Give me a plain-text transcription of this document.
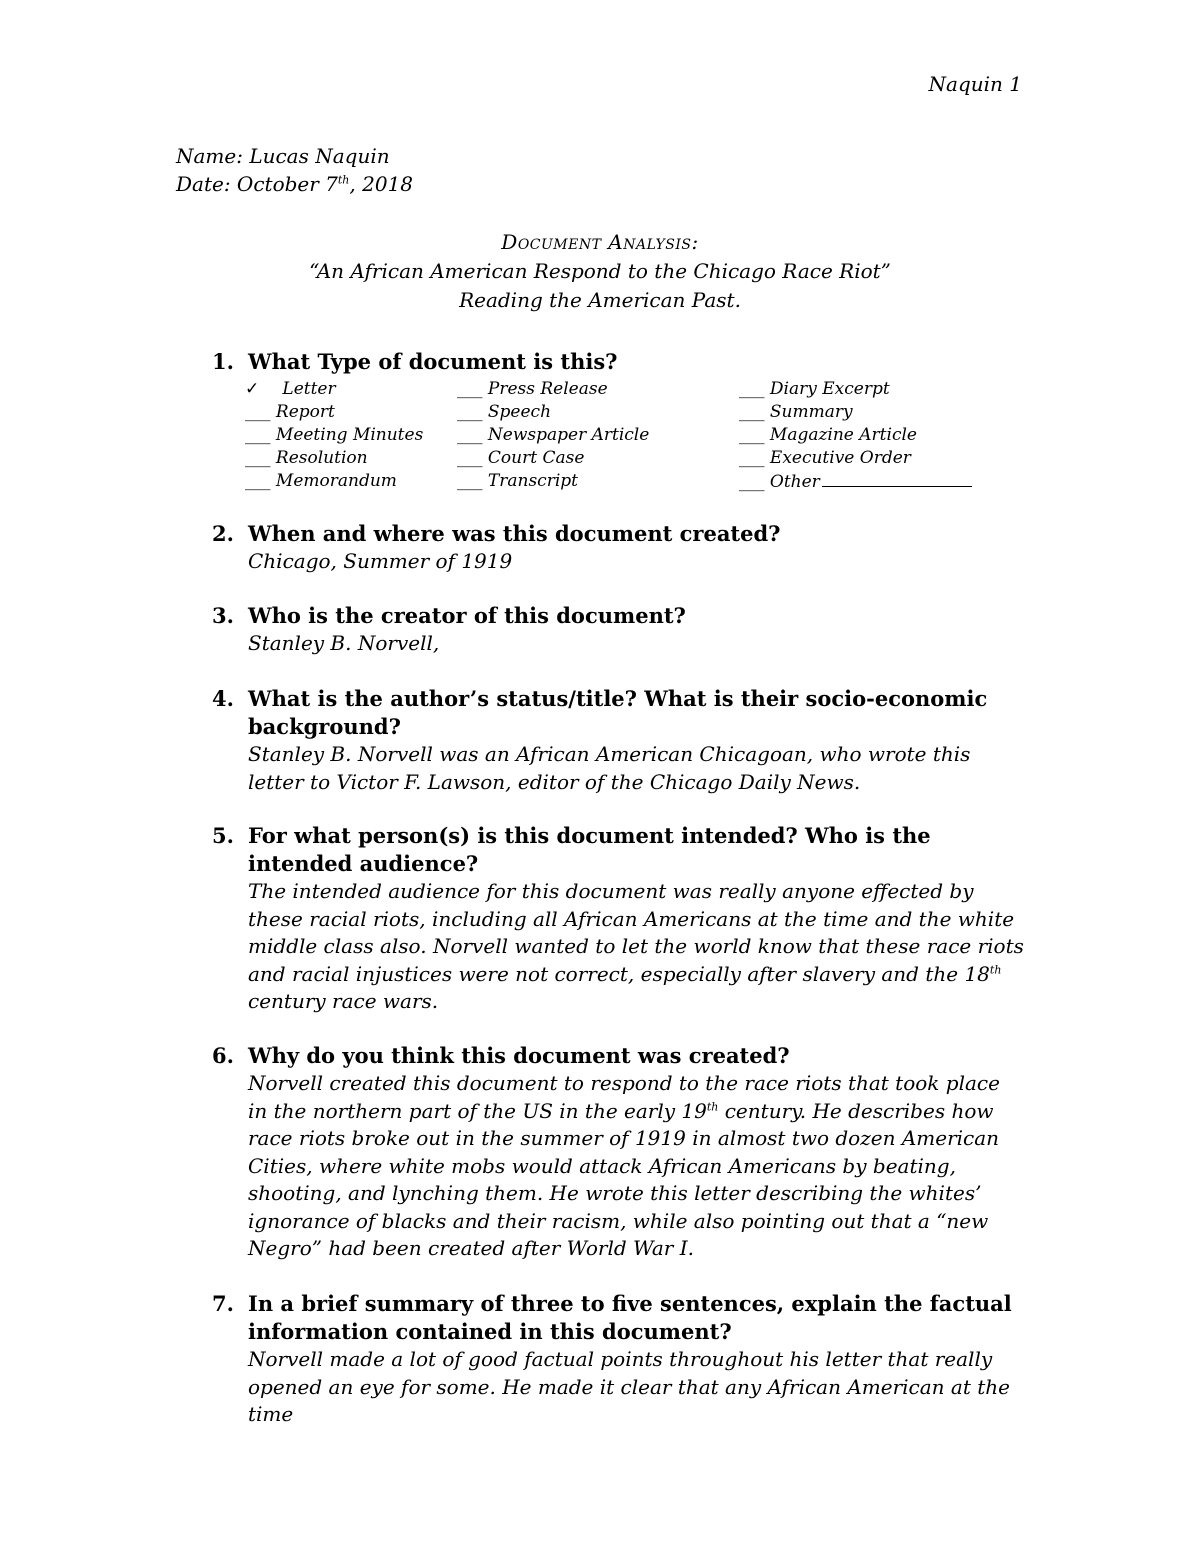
Naquin 1
Name: Lucas Naquin
Date: October 7th, 2018
Document Analysis:
“An African American Respond to the Chicago Race Riot”
Reading the American Past.
1. What Type of document is this?
✓ Letter	___ Press Release	___ Diary Excerpt
___ Report	___ Speech	___ Summary
___ Meeting Minutes	___ Newspaper Article	___ Magazine Article
___ Resolution	___ Court Case	___ Executive Order
___ Memorandum	___ Transcript	___ Other
2. When and where was this document created?
Chicago, Summer of 1919
3. Who is the creator of this document?
Stanley B. Norvell,
4. What is the author’s status/title? What is their socio-economic background?
Stanley B. Norvell was an African American Chicagoan, who wrote this letter to Victor F. Lawson, editor of the Chicago Daily News.
5. For what person(s) is this document intended? Who is the intended audience?
The intended audience for this document was really anyone effected by these racial riots, including all African Americans at the time and the white middle class also. Norvell wanted to let the world know that these race riots and racial injustices were not correct, especially after slavery and the 18th century race wars.
6. Why do you think this document was created?
Norvell created this document to respond to the race riots that took place in the northern part of the US in the early 19th century. He describes how race riots broke out in the summer of 1919 in almost two dozen American Cities, where white mobs would attack African Americans by beating, shooting, and lynching them. He wrote this letter describing the whites’ ignorance of blacks and their racism, while also pointing out that a “new Negro” had been created after World War I.
7. In a brief summary of three to five sentences, explain the factual information contained in this document?
Norvell made a lot of good factual points throughout his letter that really opened an eye for some. He made it clear that any African American at the time
